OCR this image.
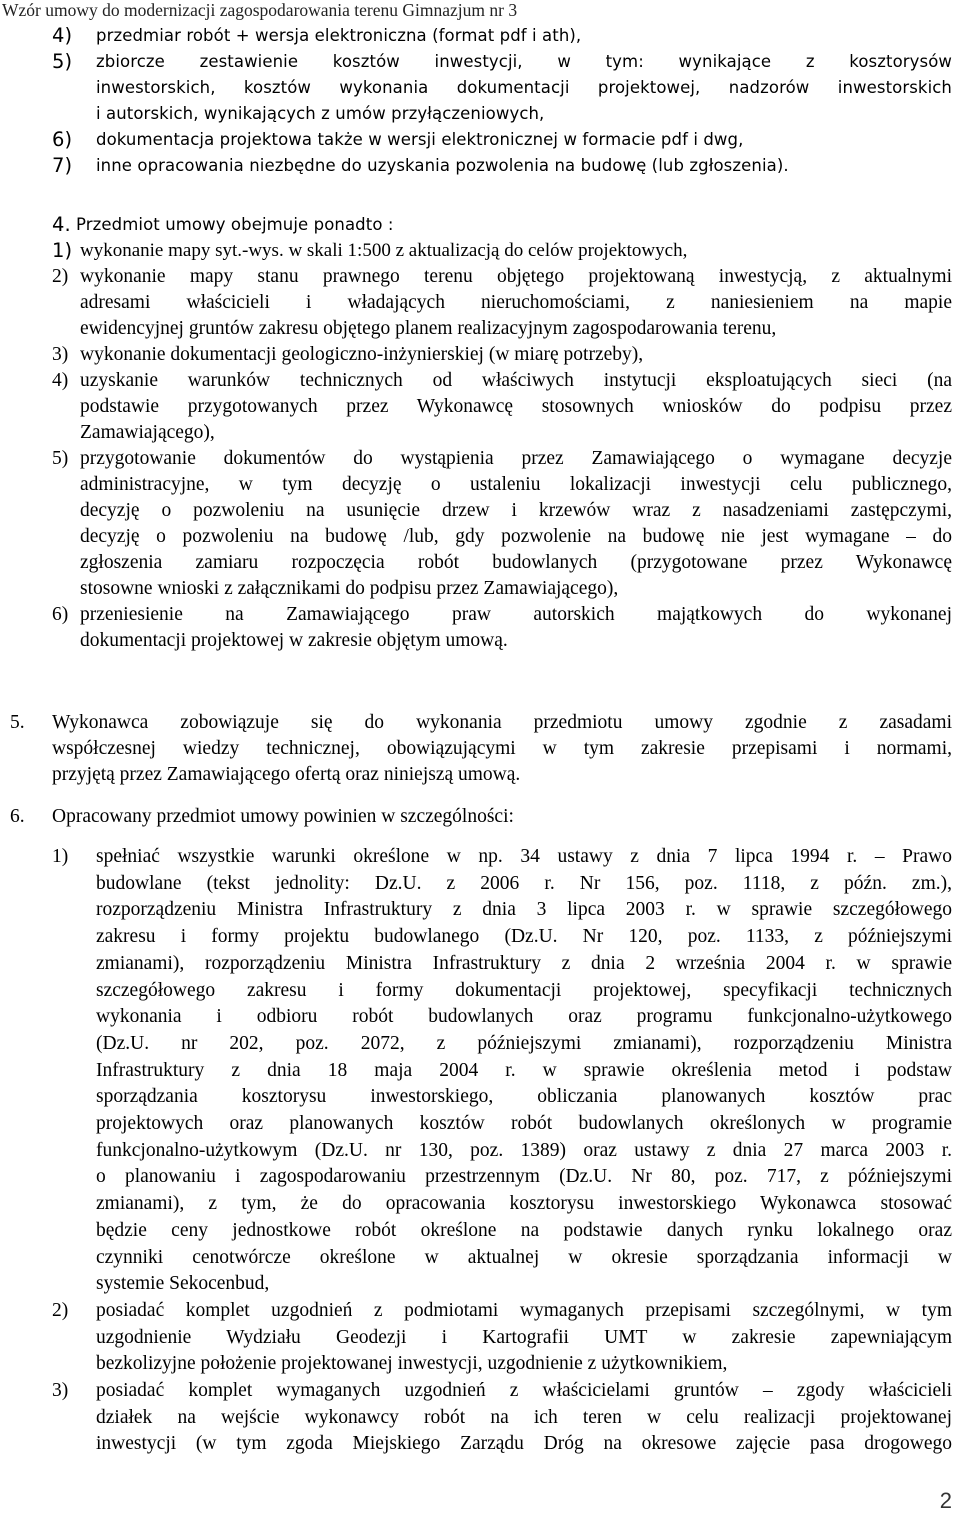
Wzór umowy do modernizacji zagospodarowania terenu Gimnazjum nr 3
4) przedmiar robót + wersja elektroniczna (format pdf i ath),
5) zbiorcze zestawienie kosztów inwestycji, w tym: wynikające z kosztorysów
inwestorskich, kosztów wykonania dokumentacji projektowej, nadzorów inwestorskich
i autorskich, wynikających z umów przyłączeniowych,
6) dokumentacja projektowa także w wersji elektronicznej w formacie pdf i dwg,
7) inne opracowania niezbędne do uzyskania pozwolenia na budowę (lub zgłoszenia).
4. Przedmiot umowy obejmuje ponadto :
1) wykonanie mapy syt.-wys. w skali 1:500 z aktualizacją do celów projektowych,
2) wykonanie mapy stanu prawnego terenu objętego projektowaną inwestycją, z aktualnymi
adresami właścicieli i władających nieruchomościami, z naniesieniem na mapie
ewidencyjnej gruntów zakresu objętego planem realizacyjnym zagospodarowania terenu,
3) wykonanie dokumentacji geologiczno-inżynierskiej (w miarę potrzeby),
4) uzyskanie warunków technicznych od właściwych instytucji eksploatujących sieci (na
podstawie przygotowanych przez Wykonawcę stosownych wniosków do podpisu przez
Zamawiającego),
5) przygotowanie dokumentów do wystąpienia przez Zamawiającego o wymagane decyzje
administracyjne, w tym decyzję o ustaleniu lokalizacji inwestycji celu publicznego,
decyzję o pozwoleniu na usunięcie drzew i krzewów wraz z nasadzeniami zastępczymi,
decyzję o pozwoleniu na budowę /lub, gdy pozwolenie na budowę nie jest wymagane – do
zgłoszenia zamiaru rozpoczęcia robót budowlanych (przygotowane przez Wykonawcę
stosowne wnioski z załącznikami do podpisu przez Zamawiającego),
6) przeniesienie na Zamawiającego praw autorskich majątkowych do wykonanej
dokumentacji projektowej w zakresie objętym umową.
5. Wykonawca zobowiązuje się do wykonania przedmiotu umowy zgodnie z zasadami
współczesnej wiedzy technicznej, obowiązującymi w tym zakresie przepisami i normami,
przyjętą przez Zamawiającego ofertą oraz niniejszą umową.
6. Opracowany przedmiot umowy powinien w szczególności:
1) spełniać wszystkie warunki określone w np. 34 ustawy z dnia 7 lipca 1994 r. – Prawo
budowlane (tekst jednolity: Dz.U. z 2006 r. Nr 156, poz. 1118, z późn. zm.),
rozporządzeniu Ministra Infrastruktury z dnia 3 lipca 2003 r. w sprawie szczegółowego
zakresu i formy projektu budowlanego (Dz.U. Nr 120, poz. 1133, z późniejszymi
zmianami), rozporządzeniu Ministra Infrastruktury z dnia 2 września 2004 r. w sprawie
szczegółowego zakresu i formy dokumentacji projektowej, specyfikacji technicznych
wykonania i odbioru robót budowlanych oraz programu funkcjonalno-użytkowego
(Dz.U. nr 202, poz. 2072, z późniejszymi zmianami), rozporządzeniu Ministra
Infrastruktury z dnia 18 maja 2004 r. w sprawie określenia metod i podstaw
sporządzania kosztorysu inwestorskiego, obliczania planowanych kosztów prac
projektowych oraz planowanych kosztów robót budowlanych określonych w programie
funkcjonalno-użytkowym (Dz.U. nr 130, poz. 1389) oraz ustawy z dnia 27 marca 2003 r.
o planowaniu i zagospodarowaniu przestrzennym (Dz.U. Nr 80, poz. 717, z późniejszymi
zmianami), z tym, że do opracowania kosztorysu inwestorskiego Wykonawca stosować
będzie ceny jednostkowe robót określone na podstawie danych rynku lokalnego oraz
czynniki cenotwórcze określone w aktualnej w okresie sporządzania informacji w
systemie Sekocenbud,
2) posiadać komplet uzgodnień z podmiotami wymaganych przepisami szczególnymi, w tym
uzgodnienie Wydziału Geodezji i Kartografii UMT w zakresie zapewniającym
bezkolizyjne położenie projektowanej inwestycji, uzgodnienie z użytkownikiem,
3) posiadać komplet wymaganych uzgodnień z właścicielami gruntów – zgody właścicieli
działek na wejście wykonawcy robót na ich teren w celu realizacji projektowanej
inwestycji (w tym zgoda Miejskiego Zarządu Dróg na okresowe zajęcie pasa drogowego
2
